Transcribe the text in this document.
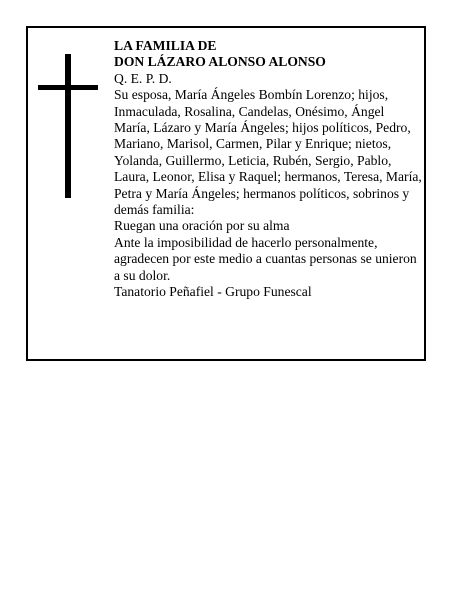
LA FAMILIA DE

DON LÁZARO ALONSO ALONSO

Q. E. P. D.

Su esposa, María Ángeles Bombín Lorenzo; hijos, Inmaculada, Rosalina, Candelas, Onésimo, Ángel María, Lázaro y María Ángeles; hijos políticos, Pedro, Mariano, Marisol, Carmen, Pilar y Enrique; nietos, Yolanda, Guillermo, Leticia, Rubén, Sergio, Pablo, Laura, Leonor, Elisa y Raquel; hermanos, Teresa, María, Petra y María Ángeles; hermanos políticos, sobrinos y demás familia:

Ruegan una oración por su alma

Ante la imposibilidad de hacerlo personalmente, agradecen por este medio a cuantas personas se unieron a su dolor.

Tanatorio Peñafiel - Grupo Funescal
